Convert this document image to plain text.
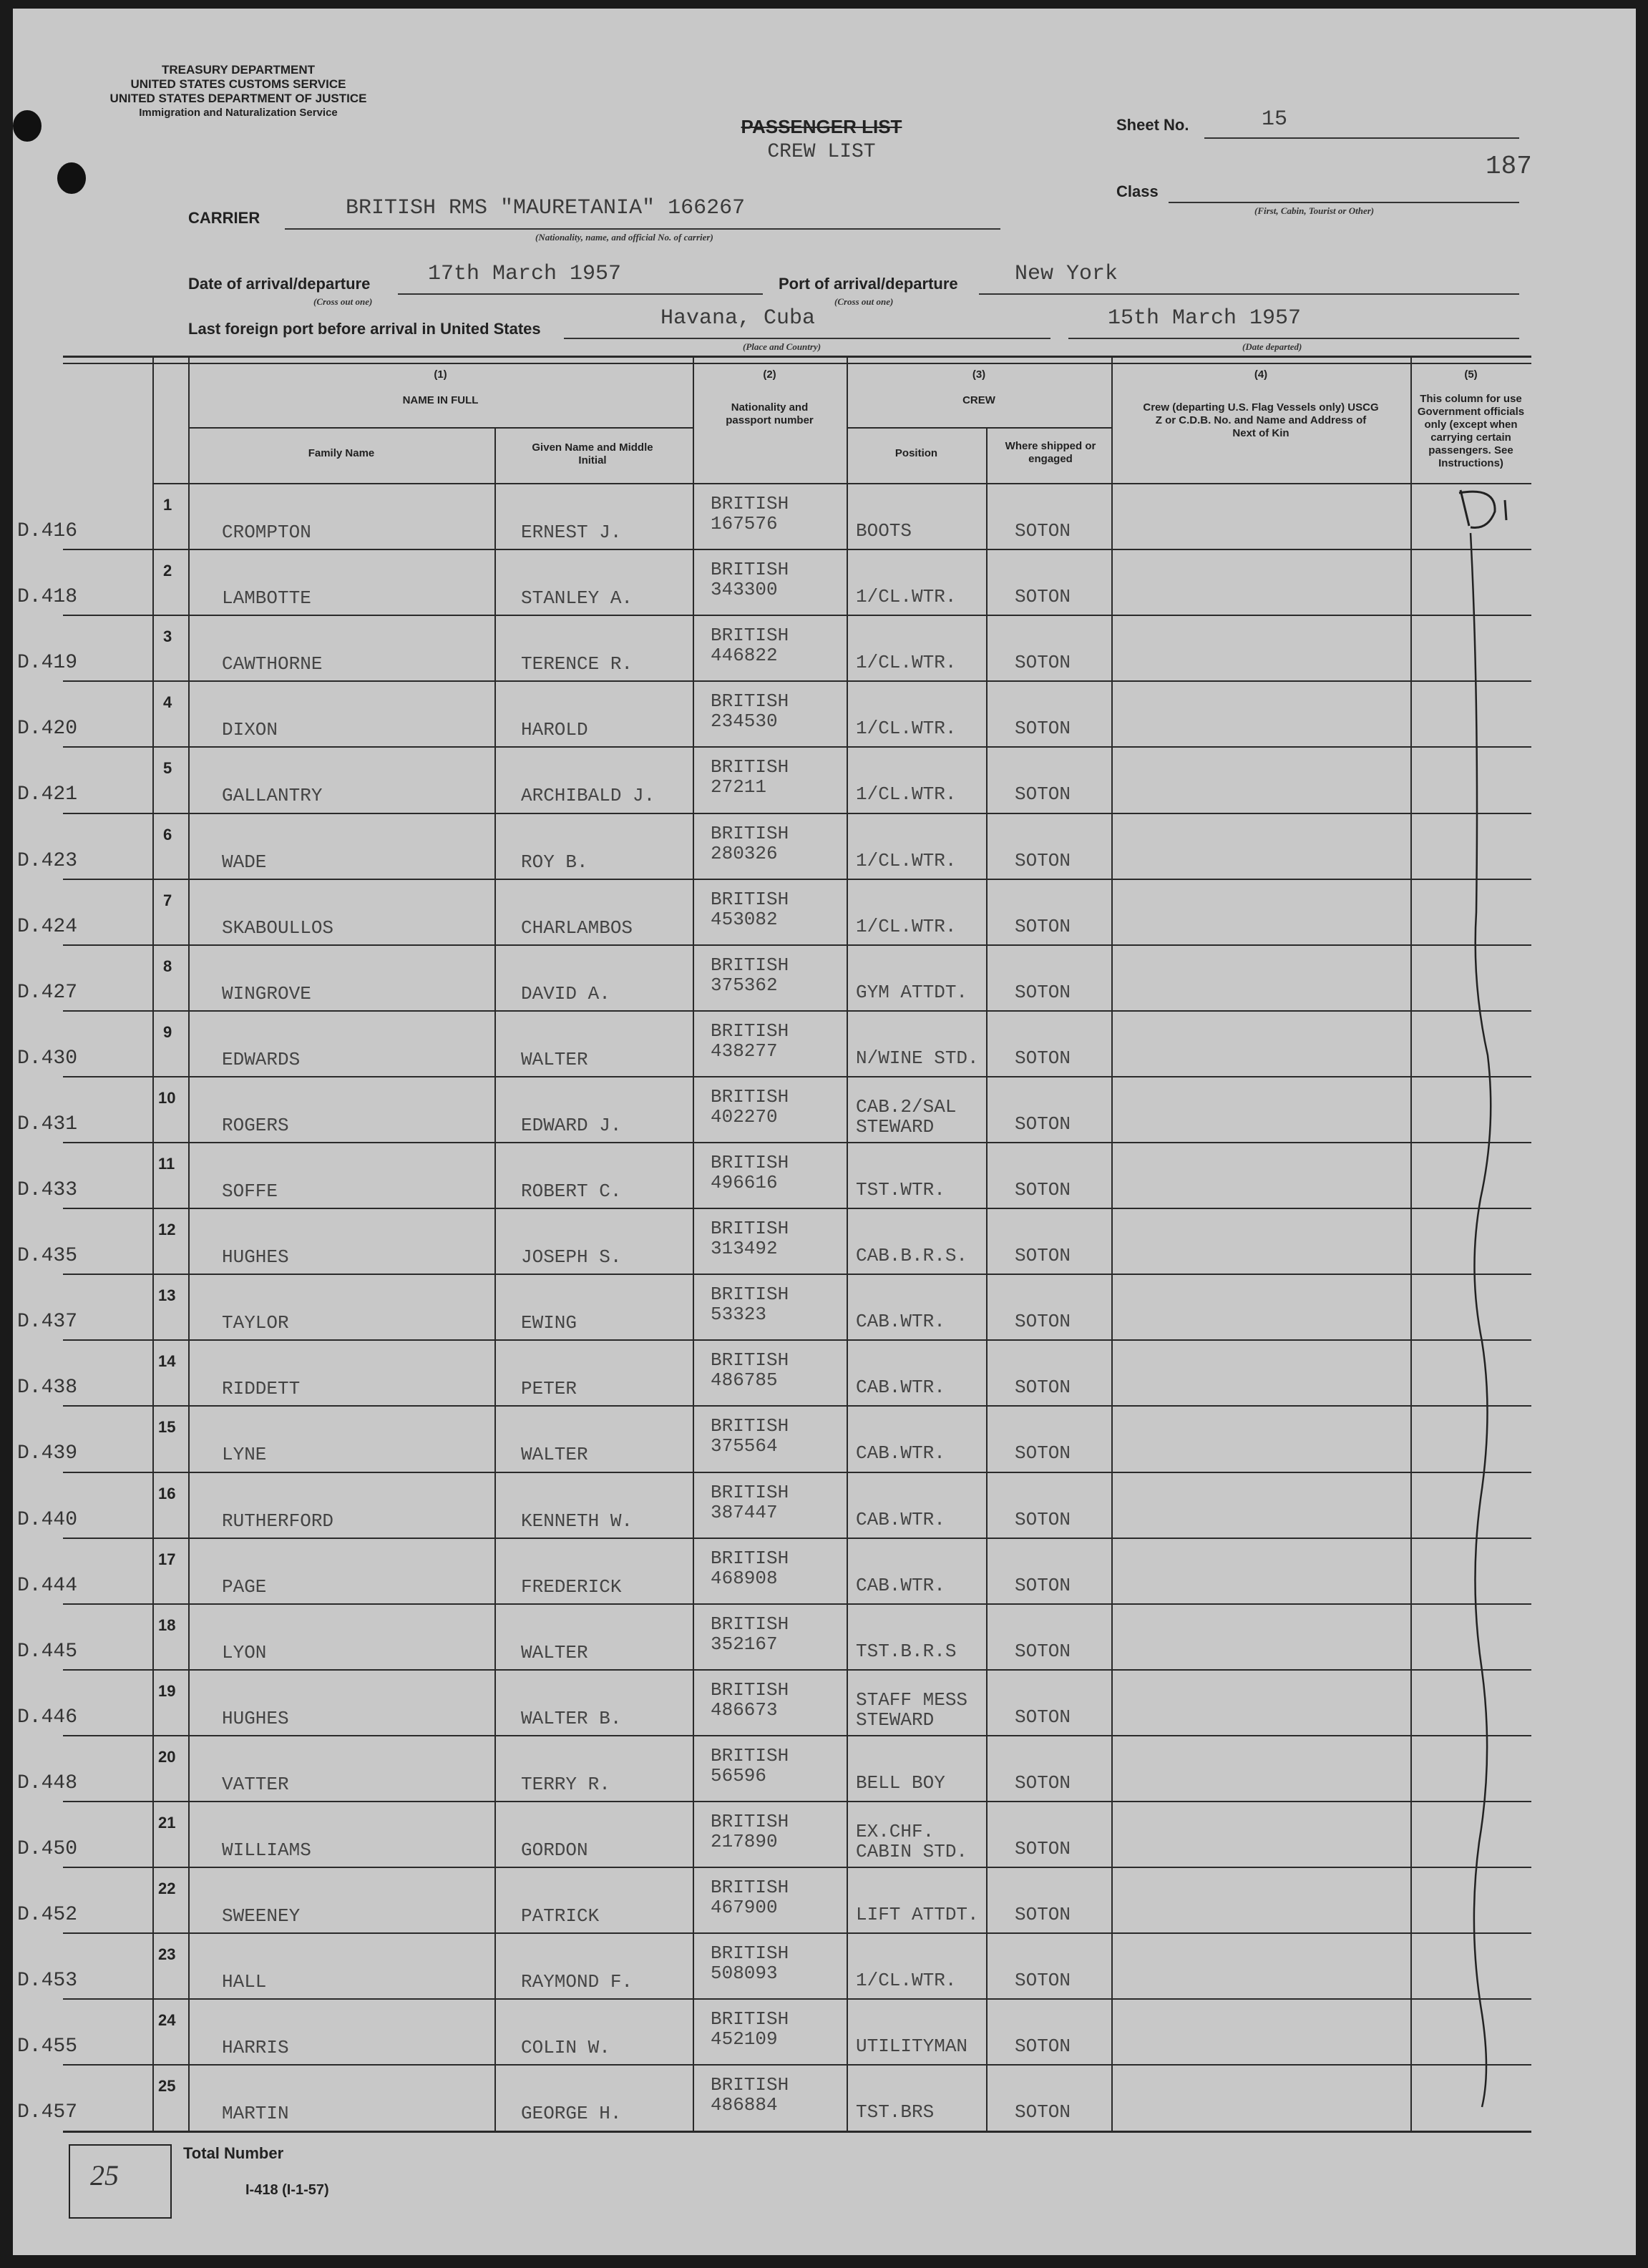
TREASURY DEPARTMENT
UNITED STATES CUSTOMS SERVICE
UNITED STATES DEPARTMENT OF JUSTICE
Immigration and Naturalization Service
PASSENGER LIST
CREW LIST
Sheet No.	15
187
Class
(First, Cabin, Tourist or Other)
CARRIER	BRITISH RMS "MAURETANIA" 166267
(Nationality, name, and official No. of carrier)
Date of arrival/departure
(Cross out one)
17th March 1957	Port of arrival/departure
(Cross out one)
New York
Last foreign port before arrival in United States	Havana, Cuba
(Place and Country)
15th March 1957
(Date departed)
(1)
NAME IN FULL
Family Name	Given Name and Middle Initial
(2)
Nationality and passport number
(3)
CREW
Position
Where shipped or engaged
(4)
Crew (departing U.S. Flag Vessels only) USCG Z or C.D.B. No. and Name and Address of Next of Kin
(5)
This column for use Government officials only (except when carrying certain passengers. See Instructions)
D.416
1
CROMPTON	ERNEST J.
BRITISH
167576	BOOTS	SOTON
D.418
2
LAMBOTTE	STANLEY A.
BRITISH
343300	1/CL.WTR.	SOTON
D.419
3
CAWTHORNE	TERENCE R.
BRITISH
446822	1/CL.WTR.	SOTON
D.420
4
DIXON	HAROLD
BRITISH
234530	1/CL.WTR.	SOTON
D.421
5
GALLANTRY	ARCHIBALD J.
BRITISH
27211	1/CL.WTR.	SOTON
D.423
6
WADE	ROY B.
BRITISH
280326	1/CL.WTR.	SOTON
D.424
7
SKABOULLOS	CHARLAMBOS
BRITISH
453082	1/CL.WTR.	SOTON
D.427
8
WINGROVE	DAVID A.
BRITISH
375362	GYM ATTDT.	SOTON
D.430
9
EDWARDS	WALTER
BRITISH
438277	N/WINE STD. SOTON
D.431
10
ROGERS	EDWARD J.
BRITISH
402270	CAB.2/SAL
STEWARD	SOTON
D.433
11
SOFFE	ROBERT C.
BRITISH
496616	TST.WTR.	SOTON
D.435
12
HUGHES	JOSEPH S.
BRITISH
313492	CAB.B.R.S.	SOTON
D.437
13
TAYLOR	EWING
BRITISH
53323	CAB.WTR.	SOTON
D.438
14
RIDDETT	PETER
BRITISH
486785	CAB.WTR.	SOTON
D.439
15
LYNE	WALTER
BRITISH
375564	CAB.WTR.	SOTON
D.440
16
RUTHERFORD	KENNETH W.
BRITISH
387447	CAB.WTR.	SOTON
D.444
17
PAGE	FREDERICK
BRITISH
468908	CAB.WTR.	SOTON
D.445
18
LYON	WALTER
BRITISH
352167	TST.B.R.S	SOTON
D.446
19
HUGHES	WALTER B.
BRITISH
486673	STAFF MESS
STEWARD	SOTON
D.448
20
VATTER	TERRY R.
BRITISH
56596	BELL BOY	SOTON
D.450
21
WILLIAMS	GORDON
BRITISH
217890	EX.CHF.
CABIN STD.	SOTON
D.452
22
SWEENEY	PATRICK
BRITISH
467900	LIFT ATTDT. SOTON
D.453
23
HALL	RAYMOND F.
BRITISH
508093	1/CL.WTR.	SOTON
D.455
24
HARRIS	COLIN W.
BRITISH
452109	UTILITYMAN	SOTON
D.457
25
MARTIN	GEORGE H.
BRITISH
486884	TST.BRS	SOTON
25
Total Number
I-418 (I-1-57)
